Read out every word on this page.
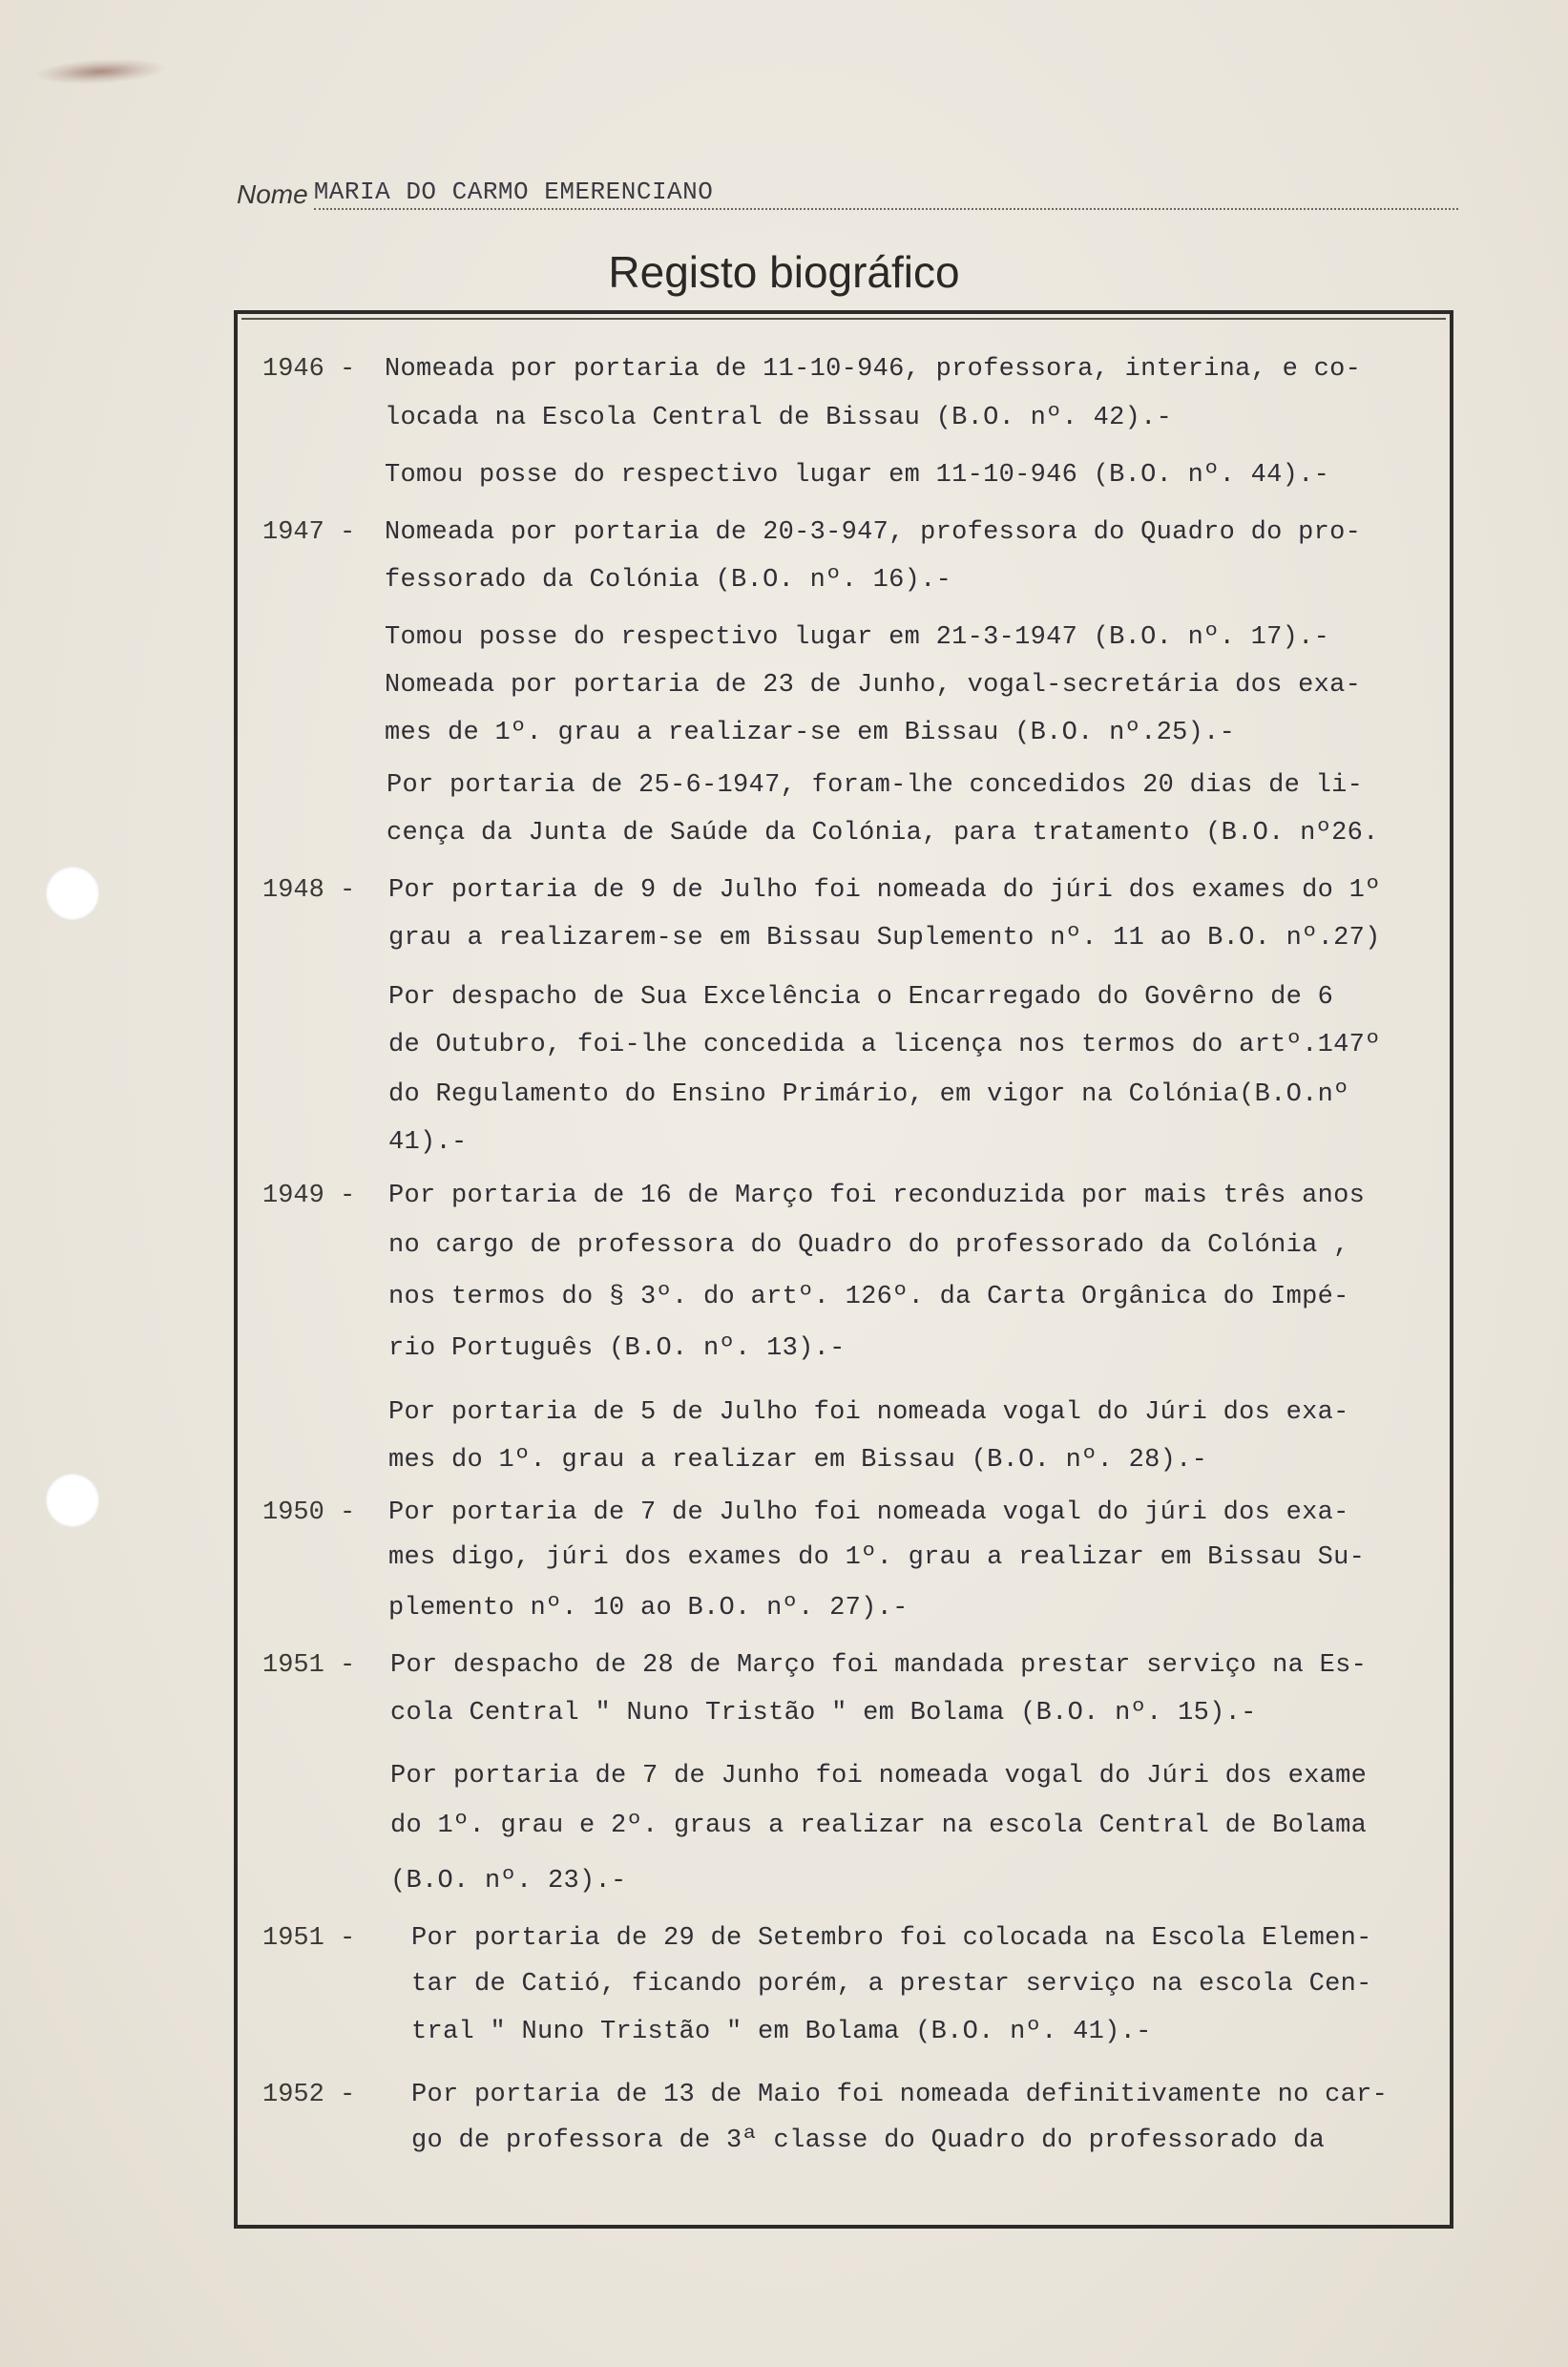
Nome MARIA DO CARMO EMERENCIANO
Registo biográfico
1946 - Nomeada por portaria de 11-10-946, professora, interina, e co-
locada na Escola Central de Bissau (B.O. nº. 42).-
Tomou posse do respectivo lugar em 11-10-946 (B.O. nº. 44).-
1947 - Nomeada por portaria de 20-3-947, professora do Quadro do pro-
fessorado da Colónia (B.O. nº. 16).-
Tomou posse do respectivo lugar em 21-3-1947 (B.O. nº. 17).-
Nomeada por portaria de 23 de Junho, vogal-secretária dos exa-
mes de 1º. grau a realizar-se em Bissau (B.O. nº.25).-
Por portaria de 25-6-1947, foram-lhe concedidos 20 dias de li-
cença da Junta de Saúde da Colónia, para tratamento (B.O. nº26.
1948 - Por portaria de 9 de Julho foi nomeada do júri dos exames do 1º
grau a realizarem-se em Bissau Suplemento nº. 11 ao B.O. nº.27)
Por despacho de Sua Excelência o Encarregado do Govêrno de 6
de Outubro, foi-lhe concedida a licença nos termos do artº.147º
do Regulamento do Ensino Primário, em vigor na Colónia(B.O.nº
41).-
1949 - Por portaria de 16 de Março foi reconduzida por mais três anos
no cargo de professora do Quadro do professorado da Colónia ,
nos termos do § 3º. do artº. 126º. da Carta Orgânica do Impé-
rio Português (B.O. nº. 13).-
Por portaria de 5 de Julho foi nomeada vogal do Júri dos exa-
mes do 1º. grau a realizar em Bissau (B.O. nº. 28).-
1950 - Por portaria de 7 de Julho foi nomeada vogal do júri dos exa-
mes digo, júri dos exames do 1º. grau a realizar em Bissau Su-
plemento nº. 10 ao B.O. nº. 27).-
1951 - Por despacho de 28 de Março foi mandada prestar serviço na Es-
cola Central " Nuno Tristão " em Bolama (B.O. nº. 15).-
Por portaria de 7 de Junho foi nomeada vogal do Júri dos exame
do 1º. grau e 2º. graus a realizar na escola Central de Bolama
(B.O. nº. 23).-
1951 - Por portaria de 29 de Setembro foi colocada na Escola Elemen-
tar de Catió, ficando porém, a prestar serviço na escola Cen-
tral " Nuno Tristão " em Bolama (B.O. nº. 41).-
1952 - Por portaria de 13 de Maio foi nomeada definitivamente no car-
go de professora de 3ª classe do Quadro do professorado da
